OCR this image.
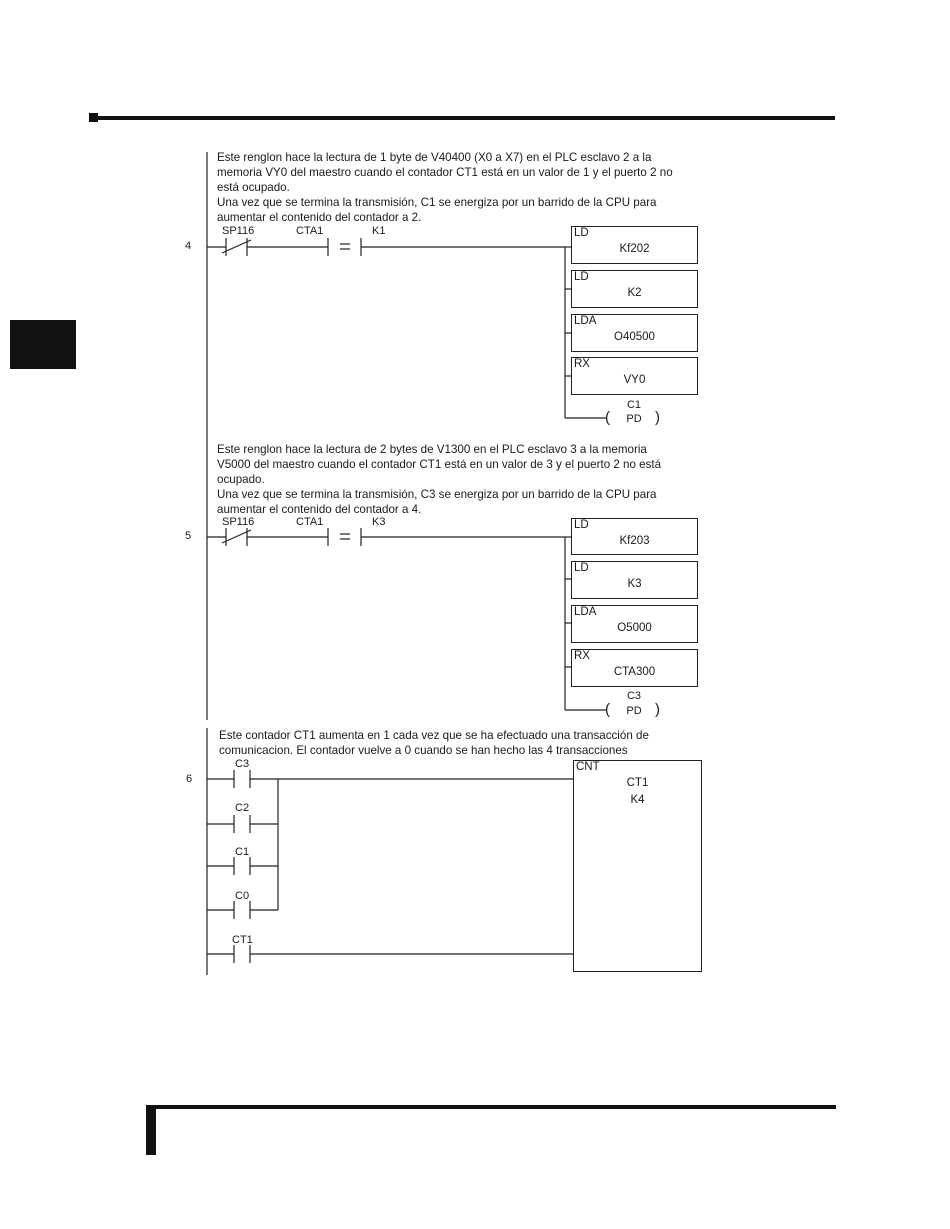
Este renglon hace la lectura de 1 byte de V40400 (X0 a X7) en el PLC esclavo 2 a la
memoria VY0 del maestro cuando el contador CT1 está en un valor de 1 y el puerto 2 no
está ocupado.
Una vez que se termina la transmisión, C1 se energiza por un barrido de la CPU para
aumentar el contenido del contador a 2.
4
SP116	CTA1	K1	LD
Kf202
LD
K2
LDA
O40500
RX
VY0
C1
(	PD )
Este renglon hace la lectura de 2 bytes de V1300 en el PLC esclavo 3 a la memoria
V5000 del maestro cuando el contador CT1 está en un valor de 3 y el puerto 2 no está
ocupado.
Una vez que se termina la transmisión, C3 se energiza por un barrido de la CPU para
aumentar el contenido del contador a 4.
5
SP116	CTA1	K3	LD
Kf203
LD
K3
LDA
O5000
RX
CTA300
C3
(	PD )
Este contador CT1 aumenta en 1 cada vez que se ha efectuado una transacción de
comunicacion. El contador vuelve a 0 cuando se han hecho las 4 transacciones
6
C3
C2
C1
C0
CT1
CNT
CT1
K4
